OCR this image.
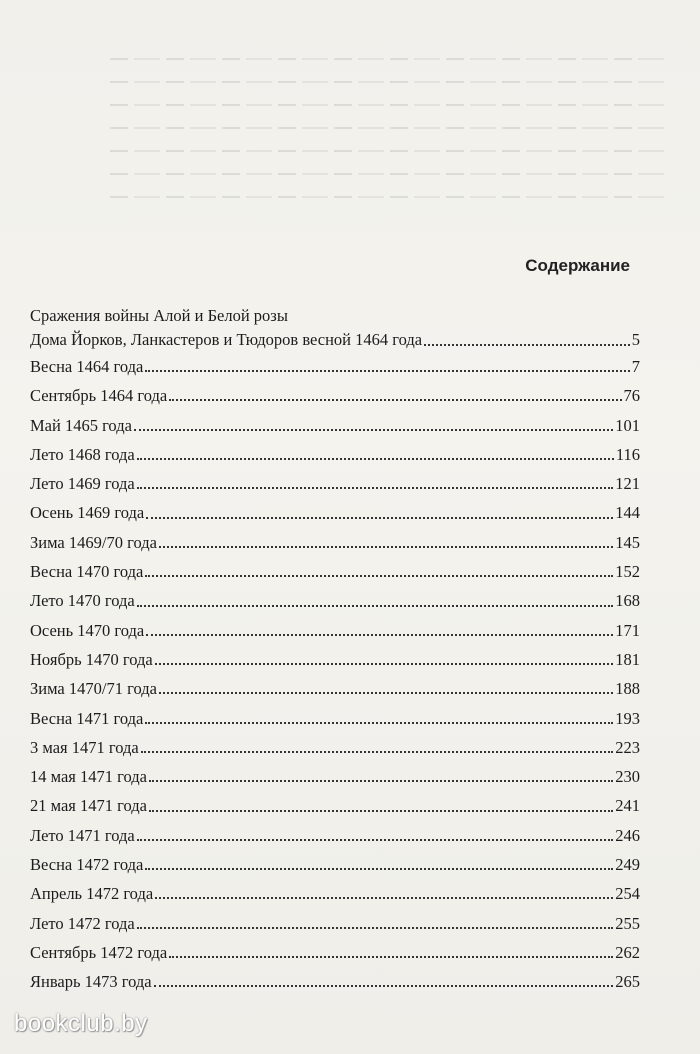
Содержание
Сражения войны Алой и Белой розы
Дома Йорков, Ланкастеров и Тюдоров весной 1464 года	5
Весна 1464 года	7
Сентябрь 1464 года	76
Май 1465 года	101
Лето 1468 года	116
Лето 1469 года	121
Осень 1469 года	144
Зима 1469/70 года	145
Весна 1470 года	152
Лето 1470 года	168
Осень 1470 года	171
Ноябрь 1470 года	181
Зима 1470/71 года	188
Весна 1471 года	193
3 мая 1471 года	223
14 мая 1471 года	230
21 мая 1471 года	241
Лето 1471 года	246
Весна 1472 года	249
Апрель 1472 года	254
Лето 1472 года	255
Сентябрь 1472 года	262
Январь 1473 года	265
bookclub.by
